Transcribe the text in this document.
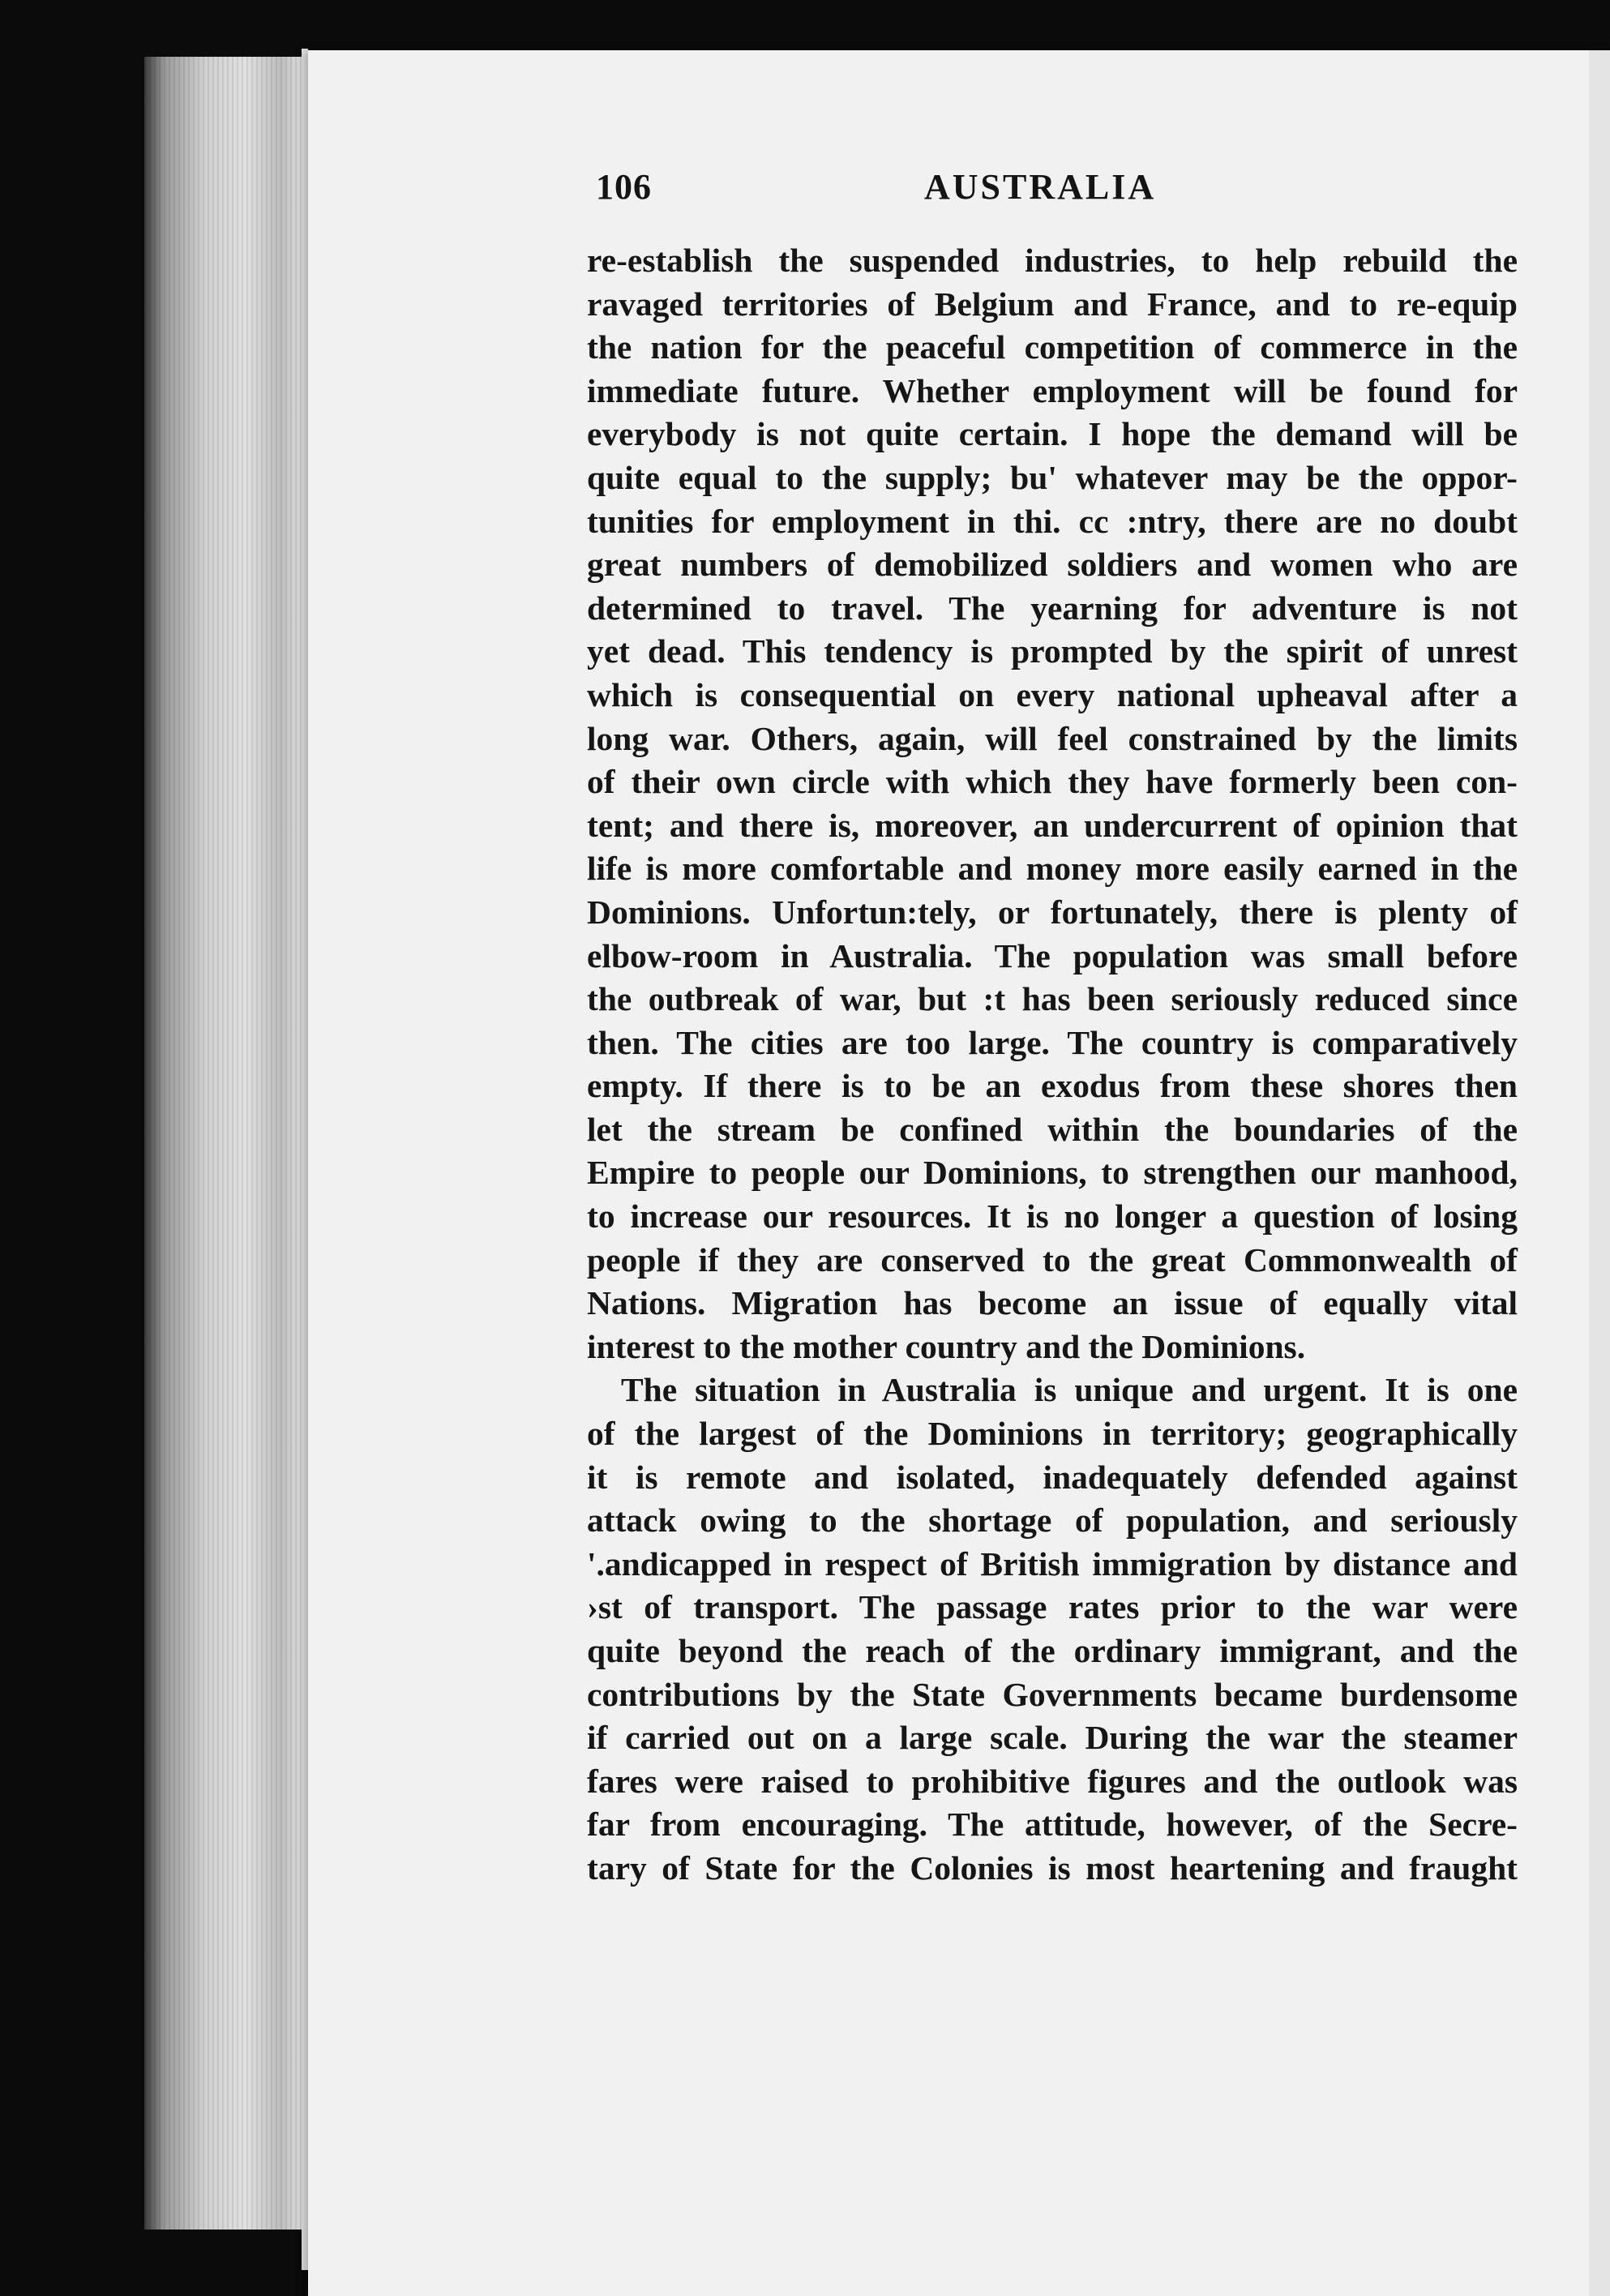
106	AUSTRALIA
re-establish the suspended industries, to help rebuild the
ravaged territories of Belgium and France, and to re-equip
the nation for the peaceful competition of commerce in the
immediate future. Whether employment will be found for
everybody is not quite certain. I hope the demand will be
quite equal to the supply; bu' whatever may be the oppor-
tunities for employment in thi. cc :ntry, there are no doubt
great numbers of demobilized soldiers and women who are
determined to travel. The yearning for adventure is not
yet dead. This tendency is prompted by the spirit of unrest
which is consequential on every national upheaval after a
long war. Others, again, will feel constrained by the limits
of their own circle with which they have formerly been con-
tent; and there is, moreover, an undercurrent of opinion that
life is more comfortable and money more easily earned in the
Dominions. Unfortun:tely, or fortunately, there is plenty of
elbow-room in Australia. The population was small before
the outbreak of war, but :t has been seriously reduced since
then. The cities are too large. The country is comparatively
empty. If there is to be an exodus from these shores then
let the stream be confined within the boundaries of the
Empire to people our Dominions, to strengthen our manhood,
to increase our resources. It is no longer a question of losing
people if they are conserved to the great Commonwealth of
Nations. Migration has become an issue of equally vital
interest to the mother country and the Dominions.
The situation in Australia is unique and urgent. It is one
of the largest of the Dominions in territory; geographically
it is remote and isolated, inadequately defended against
attack owing to the shortage of population, and seriously
'.andicapped in respect of British immigration by distance and
›st of transport. The passage rates prior to the war were
quite beyond the reach of the ordinary immigrant, and the
contributions by the State Governments became burdensome
if carried out on a large scale. During the war the steamer
fares were raised to prohibitive figures and the outlook was
far from encouraging. The attitude, however, of the Secre-
tary of State for the Colonies is most heartening and fraught
